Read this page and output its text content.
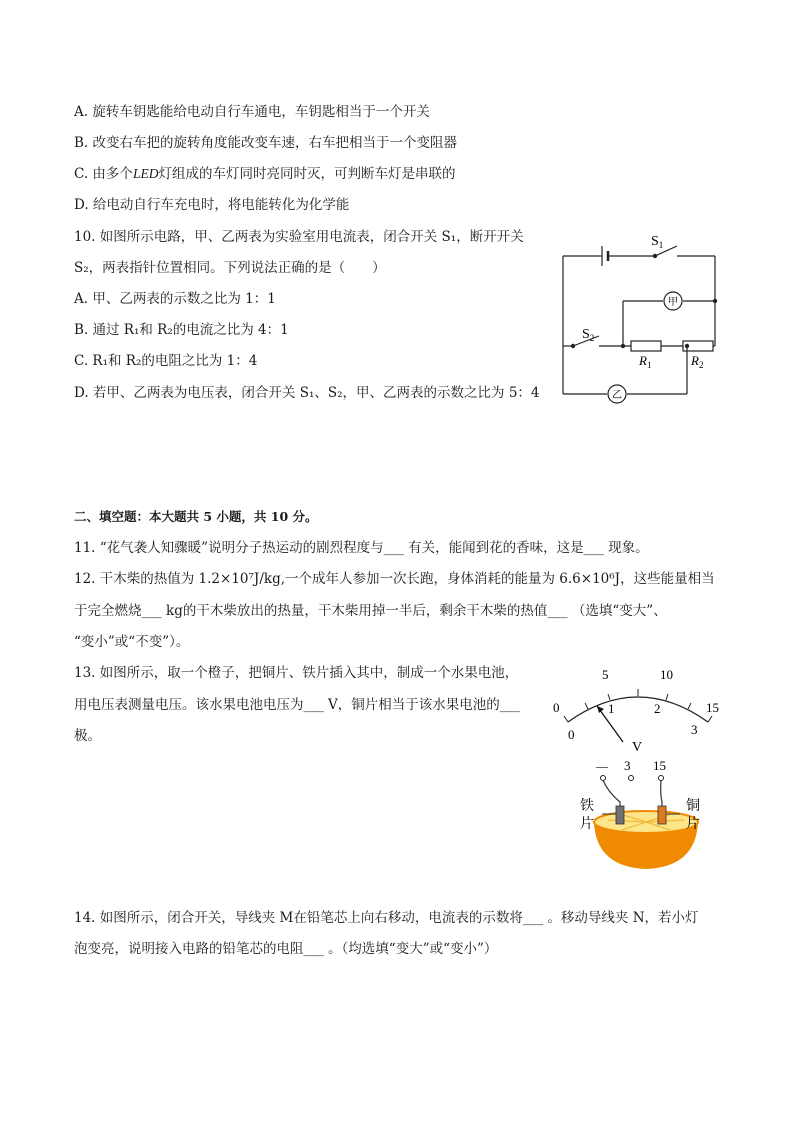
A. 旋转车钥匙能给电动自行车通电，车钥匙相当于一个开关
B. 改变右车把的旋转角度能改变车速，右车把相当于一个变阻器
C. 由多个LED灯组成的车灯同时亮同时灭，可判断车灯是串联的
D. 给电动自行车充电时，将电能转化为化学能
10. 如图所示电路，甲、乙两表为实验室用电流表，闭合开关 S₁，断开开关
S₂，两表指针位置相同。下列说法正确的是（　　）
A. 甲、乙两表的示数之比为 1：1
B. 通过 R₁和 R₂的电流之比为 4：1
C. R₁和 R₂的电阻之比为 1：4
D. 若甲、乙两表为电压表，闭合开关 S₁、S₂，甲、乙两表的示数之比为 5：4
$S_1$
$S_2$
$R_1$	$R_2$
甲
乙
二、填空题：本大题共 5 小题，共 10 分。
11. “花气袭人知骤暖”说明分子热运动的剧烈程度与___ 有关，能闻到花的香味，这是___ 现象。
12. 干木柴的热值为 1.2×10⁷J/kg,一个成年人参加一次长跑，身体消耗的能量为 6.6×10⁶J，这些能量相当
于完全燃烧___ kg的干木柴放出的热量，干木柴用掉一半后，剩余干木柴的热值___ （选填“变大”、
“变小”或“不变”）。
13. 如图所示，取一个橙子，把铜片、铁片插入其中，制成一个水果电池，
用电压表测量电压。该水果电池电压为___ V，铜片相当于该水果电池的___
极。
0
5	10
15
0
1	2
3
V
— 3 15
铁
片
铜
片
14. 如图所示，闭合开关，导线夹 M在铅笔芯上向右移动，电流表的示数将___ 。移动导线夹 N，若小灯
泡变亮，说明接入电路的铅笔芯的电阻___ 。（均选填“变大”或“变小”）
